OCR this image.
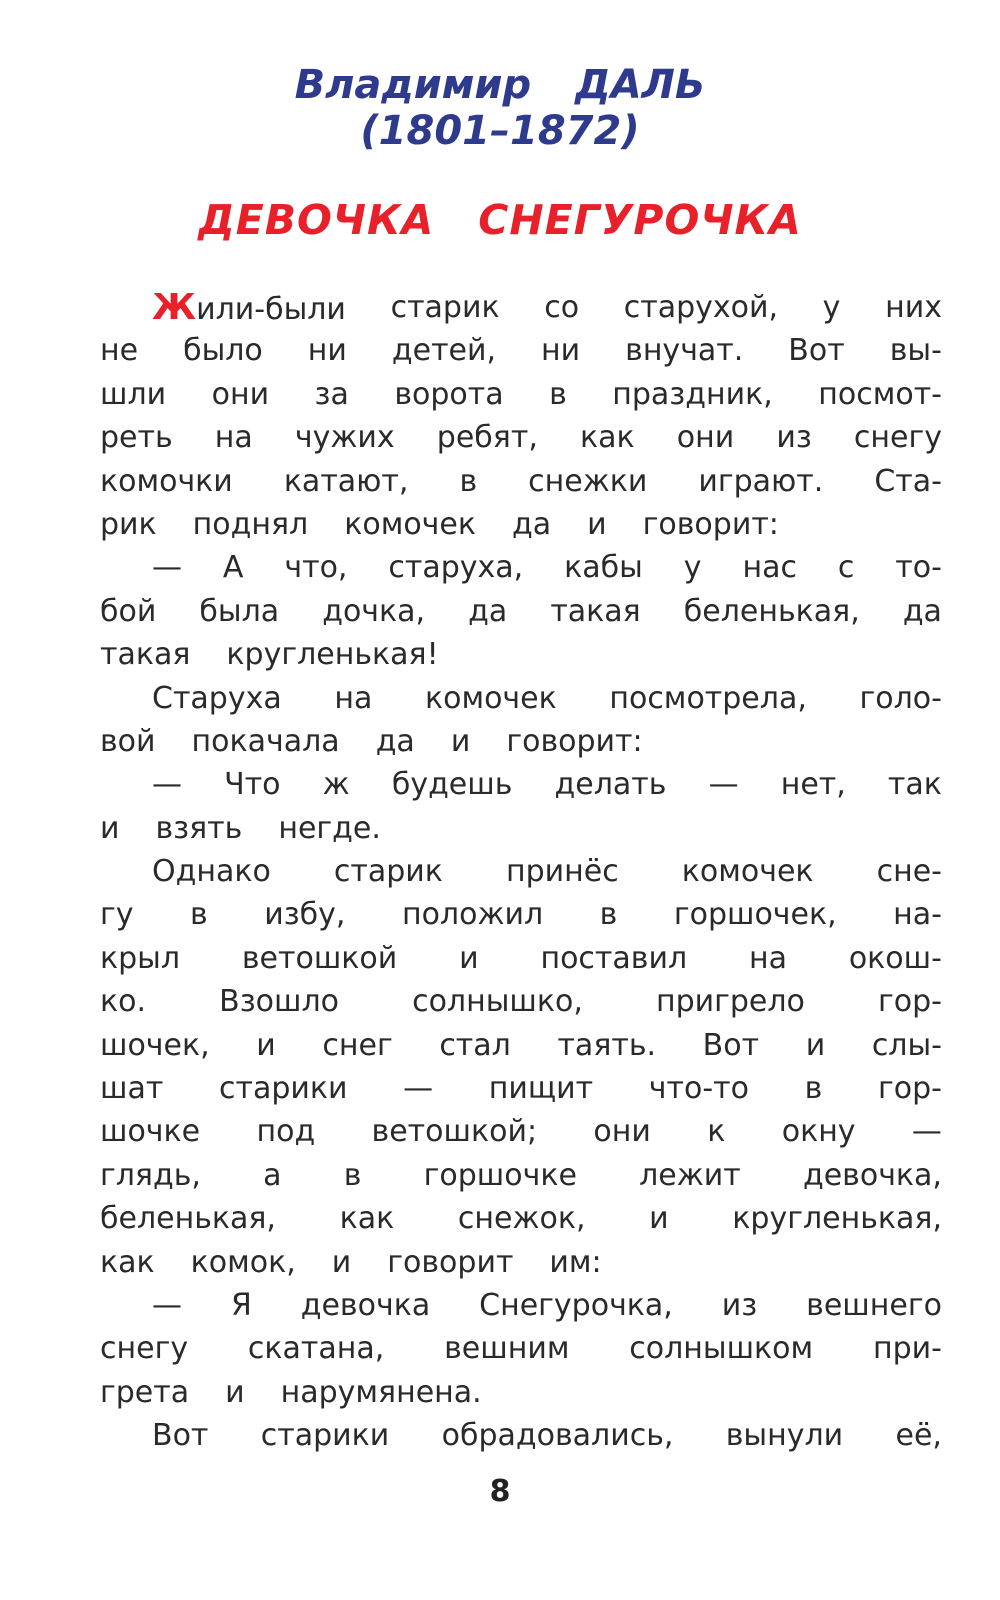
Владимир ДАЛЬ
(1801–1872)
ДЕВОЧКА СНЕГУРОЧКА
Жили-были старик со старухой, у них
не было ни детей, ни внучат. Вот вы-
шли они за ворота в праздник, посмот-
реть на чужих ребят, как они из снегу
комочки катают, в снежки играют. Ста-
рик поднял комочек да и говорит:
— А что, старуха, кабы у нас с то-
бой была дочка, да такая беленькая, да
такая кругленькая!
Старуха на комочек посмотрела, голо-
вой покачала да и говорит:
— Что ж будешь делать — нет, так
и взять негде.
Однако старик принёс комочек сне-
гу в избу, положил в горшочек, на-
крыл ветошкой и поставил на окош-
ко. Взошло солнышко, пригрело гор-
шочек, и снег стал таять. Вот и слы-
шат старики — пищит что-то в гор-
шочке под ветошкой; они к окну —
глядь, а в горшочке лежит девочка,
беленькая, как снежок, и кругленькая,
как комок, и говорит им:
— Я девочка Снегурочка, из вешнего
снегу скатана, вешним солнышком при-
грета и нарумянена.
Вот старики обрадовались, вынули её,
8
